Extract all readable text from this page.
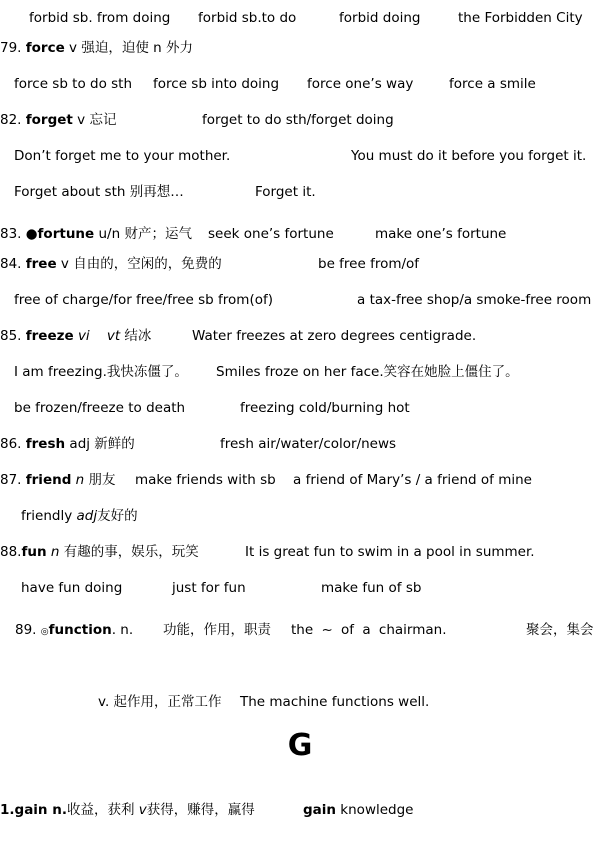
forbid sb. from doing forbid sb.to do	forbid doing	the Forbidden City
79. force v 强迫，迫使 n 外力
force sb to do sth force sb into doing force one’s way	force a smile
82. forget v 忘记	forget to do sth/forget doing
Don’t forget me to your mother.	You must do it before you forget it.
Forget about sth 别再想…	Forget it.
83. ●fortune u/n 财产；运气 seek one’s fortune	make one’s fortune
84. free v 自由的，空闲的，免费的	be free from/of
free of charge/for free/free sb from(of)	a tax-free shop/a smoke-free room
85. freeze vi    vt 结冰	Water freezes at zero degrees centigrade.
I am freezing.我快冻僵了。 Smiles froze on her face.笑容在她脸上僵住了。
be frozen/freeze to death	freezing cold/burning hot
86. fresh adj 新鲜的	fresh air/water/color/news
87. friend n 朋友 make friends with sb a friend of Mary’s / a friend of mine
friendly adj友好的
88.fun n 有趣的事，娱乐，玩笑	It is great fun to swim in a pool in summer.
have fun doing	just for fun	make fun of sb
89. ◎function. n. 功能，作用，职责 the ~ of a chairman.	聚会，集会
v. 起作用，正常工作 The machine functions well.
G
1.gain n.收益，获利 v获得，赚得，赢得	gain knowledge
